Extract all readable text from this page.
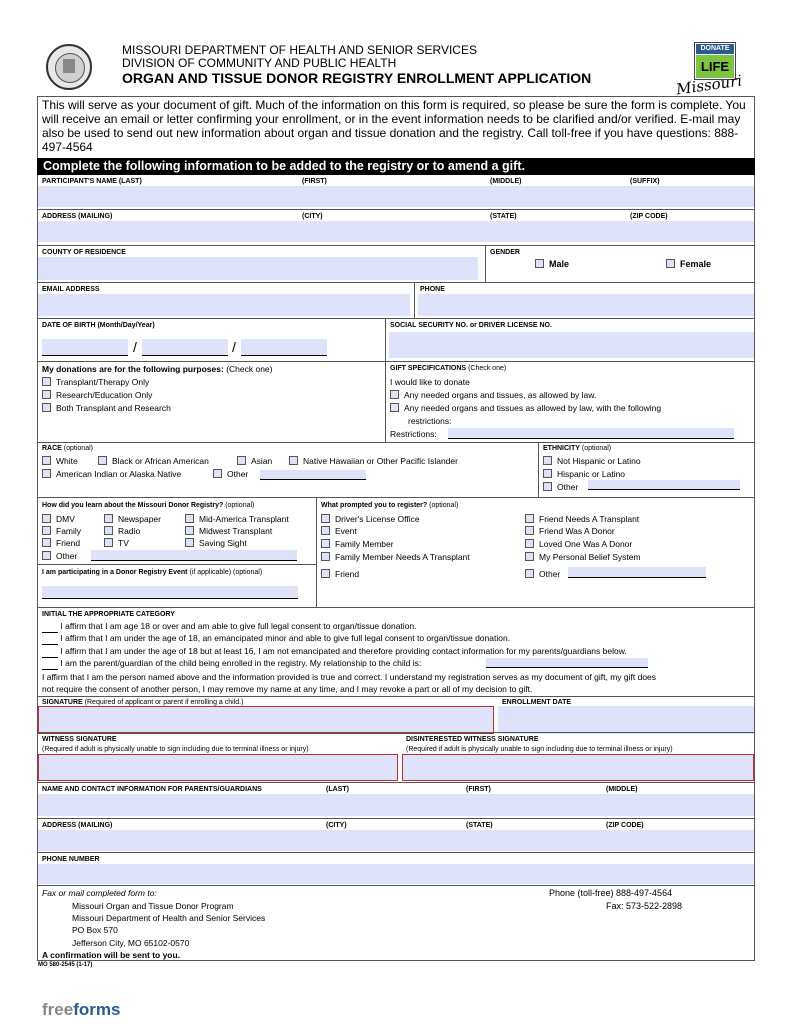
MISSOURI DEPARTMENT OF HEALTH AND SENIOR SERVICES
DIVISION OF COMMUNITY AND PUBLIC HEALTH
ORGAN AND TISSUE DONOR REGISTRY ENROLLMENT APPLICATION
DONATE
LIFE
Missouri
This will serve as your document of gift. Much of the information on this form is required, so please be sure the form is complete. You will receive an email or letter confirming your enrollment, or in the event information needs to be clarified and/or verified. E-mail may also be used to send out new information about organ and tissue donation and the registry. Call toll-free if you have questions: 888-497-4564
Complete the following information to be added to the registry or to amend a gift.
PARTICIPANT'S NAME (LAST)	(FIRST)	(MIDDLE)	(SUFFIX)
ADDRESS (MAILING)	(CITY)	(STATE)	(ZIP CODE)
COUNTY OF RESIDENCE	GENDER
Male	Female
EMAIL ADDRESS	PHONE
DATE OF BIRTH (Month/Day/Year)
/	/
SOCIAL SECURITY NO. or DRIVER LICENSE NO.
My donations are for the following purposes: (Check one)
Transplant/Therapy Only
Research/Education Only
Both Transplant and Research
GIFT SPECIFICATIONS (Check one)
I would like to donate
Any needed organs and tissues, as allowed by law.
Any needed organs and tissues as allowed by law, with the following
restrictions:
Restrictions:
RACE (optional)
White	Black or African American	Asian	Native Hawaiian or Other Pacific Islander
American Indian or Alaska Native	Other
ETHNICITY (optional)
Not Hispanic or Latino
Hispanic or Latino
Other
How did you learn about the Missouri Donor Registry? (optional)
DMV
Family
Friend
Other
Newspaper
Radio
TV
Mid-America Transplant
Midwest Transplant
Saving Sight
I am participating in a Donor Registry Event (if applicable) (optional)
What prompted you to register? (optional)
Driver's License Office
Event
Family Member
Family Member Needs A Transplant
Friend
Friend Needs A Transplant
Friend Was A Donor
Loved One Was A Donor
My Personal Belief System
Other
INITIAL THE APPROPRIATE CATEGORY
I affirm that I am age 18 or over and am able to give full legal consent to organ/tissue donation.
I affirm that I am under the age of 18, an emancipated minor and able to give full legal consent to organ/tissue donation.
I affirm that I am under the age of 18 but at least 16, I am not emancipated and therefore providing contact information for my parents/guardians below.
I am the parent/guardian of the child being enrolled in the registry. My relationship to the child is:
I affirm that I am the person named above and the information provided is true and correct. I understand my registration serves as my document of gift, my gift does
not require the consent of another person, I may remove my name at any time, and I may revoke a part or all of my decision to gift.
SIGNATURE (Required of applicant or parent if enrolling a child.)	ENROLLMENT DATE
WITNESS SIGNATURE
(Required if adult is physically unable to sign including due to terminal illness or injury)
DISINTERESTED WITNESS SIGNATURE
(Required if adult is physically unable to sign including due to terminal illness or injury)
NAME AND CONTACT INFORMATION FOR PARENTS/GUARDIANS	(LAST)	(FIRST)	(MIDDLE)
ADDRESS (MAILING)	(CITY)	(STATE)	(ZIP CODE)
PHONE NUMBER
Fax or mail completed form to:
Missouri Organ and Tissue Donor Program
Missouri Department of Health and Senior Services
PO Box 570
Jefferson City, MO 65102-0570
A confirmation will be sent to you.
Phone (toll-free) 888-497-4564
Fax: 573-522-2898
MO 580-2545 (1-17)
freeforms
